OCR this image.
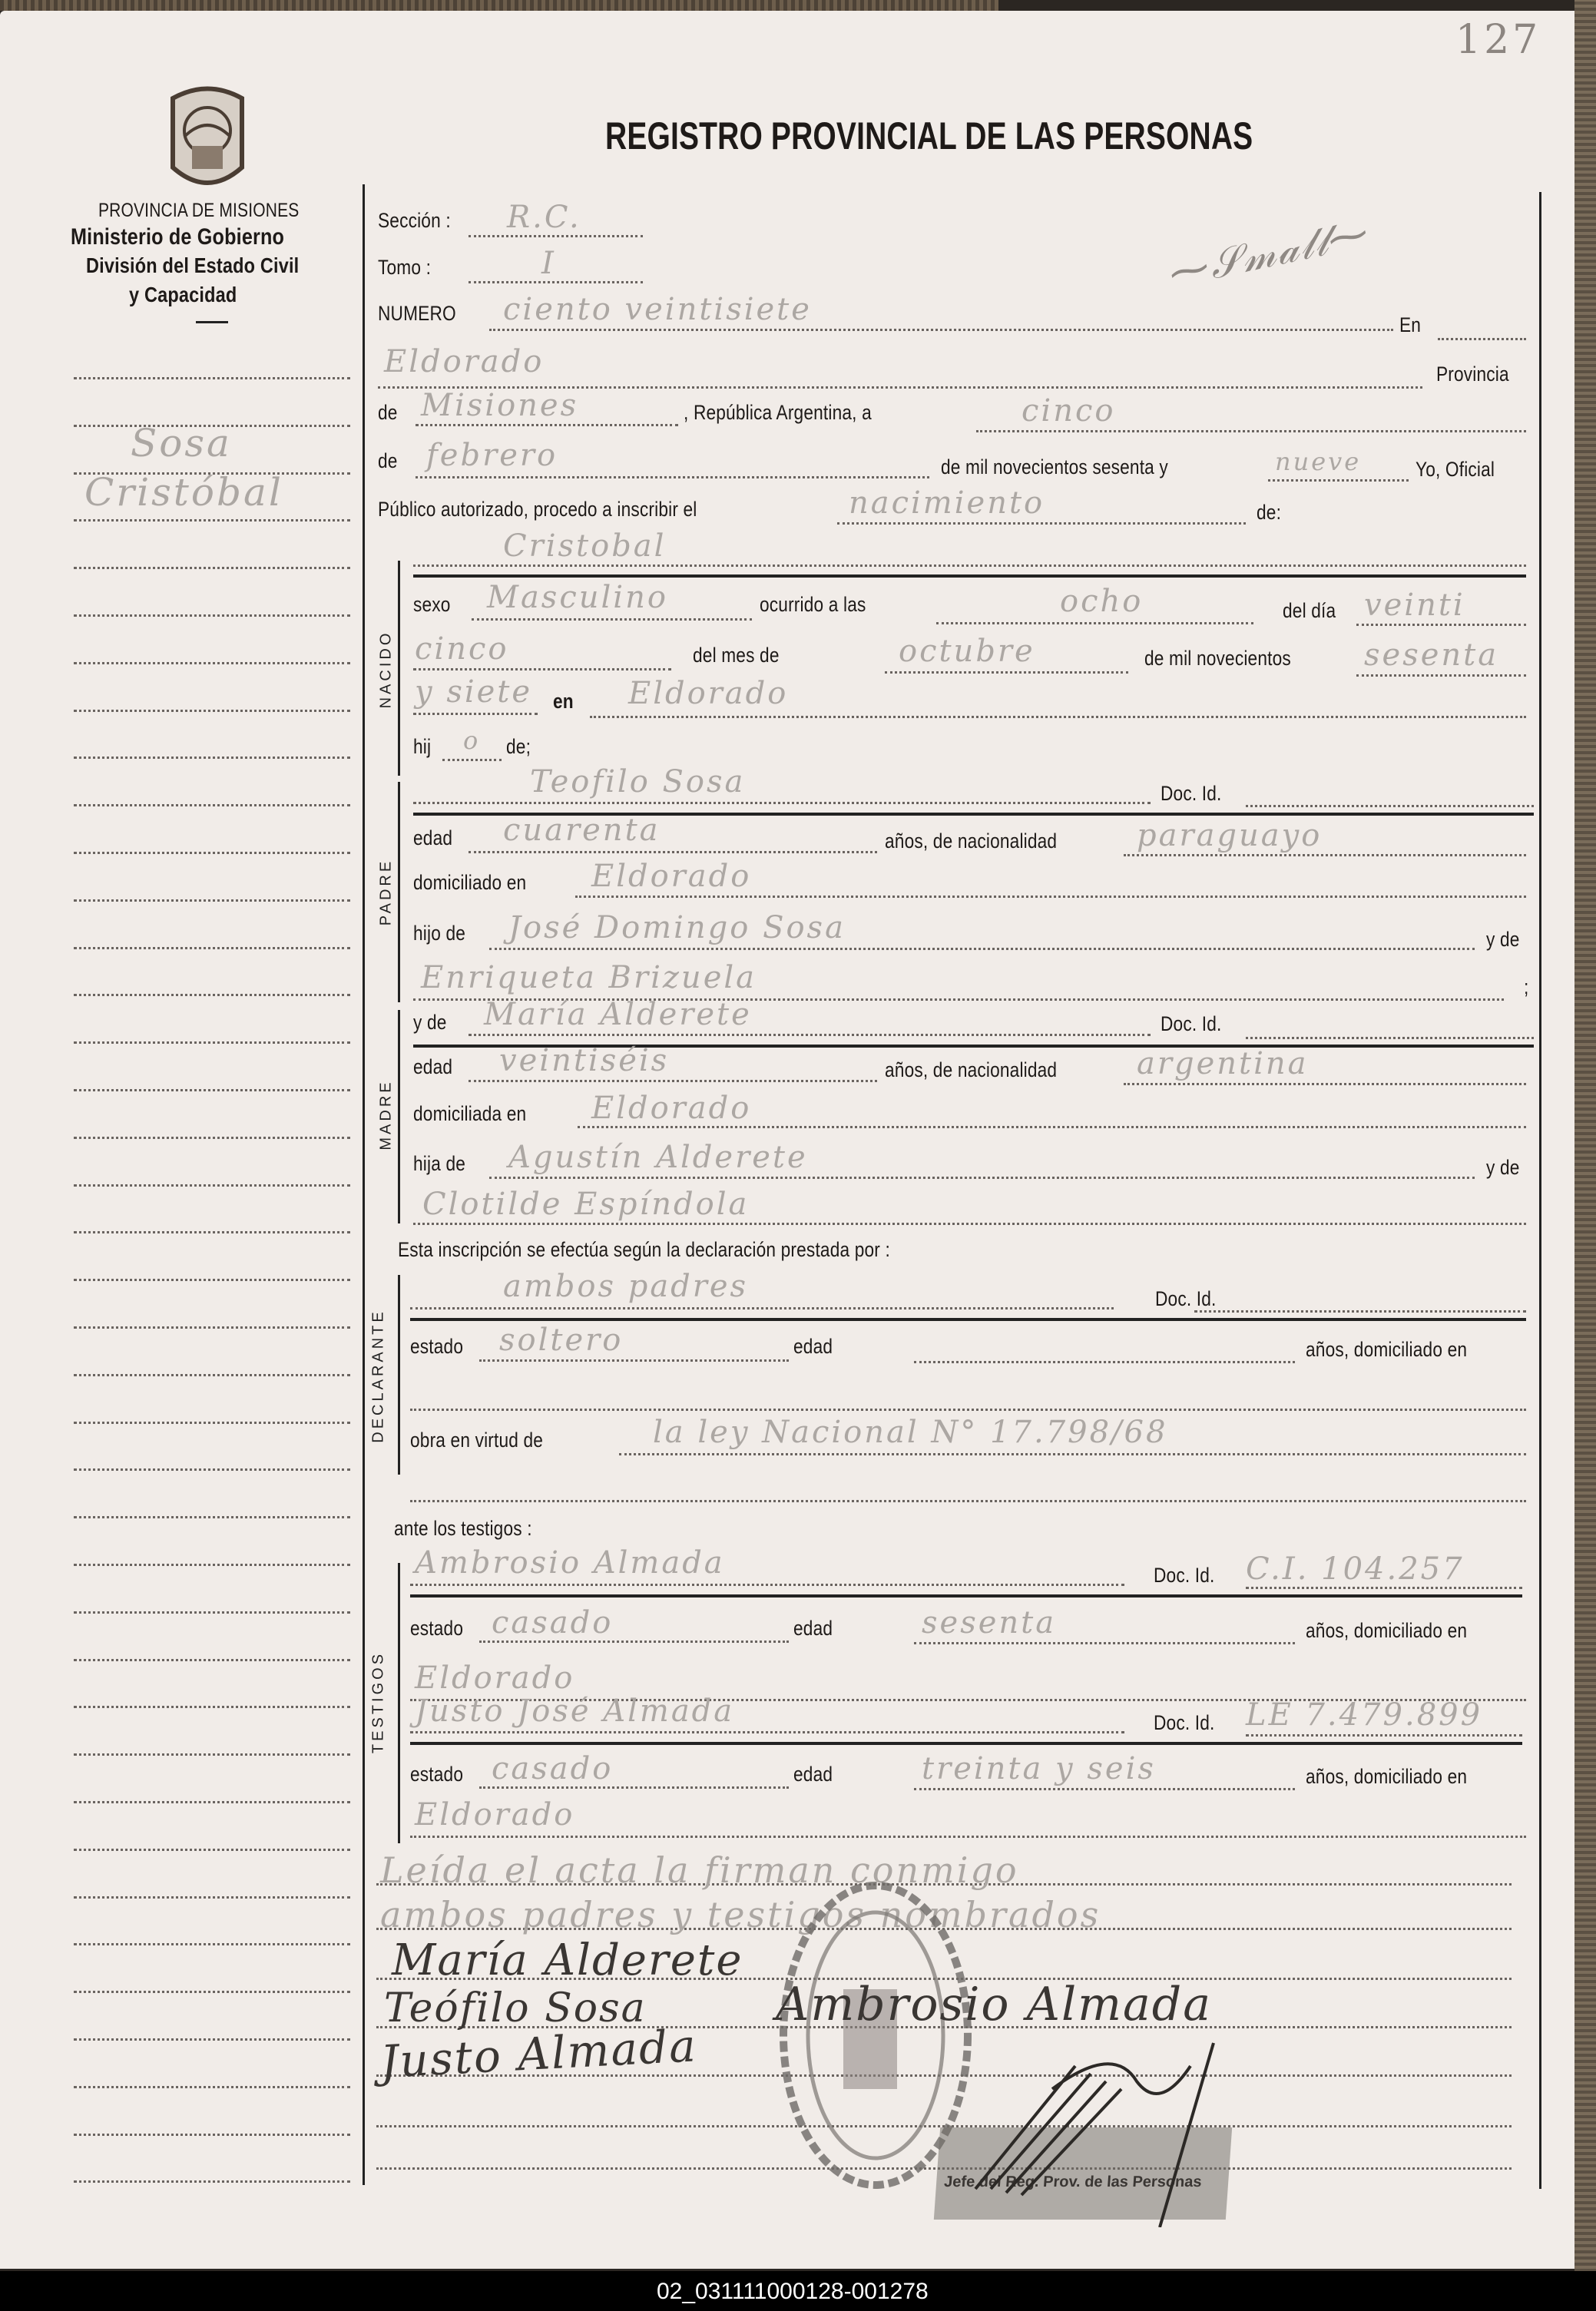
127
REGISTRO PROVINCIAL DE LAS PERSONAS
PROVINCIA DE MISIONES
Ministerio de Gobierno
División del Estado Civil
y Capacidad
Sosa
Cristóbal
⁓𝒮𝓂𝒶𝓁𝓁⁓
Sección : R.C.
Tomo :	I
NUMERO ciento veintisiete	En
Eldorado	Provincia
de Misiones	, República Argentina, a	cinco
de febrero	de mil novecientos sesenta y	nueve	Yo, Oficial
Público autorizado, procedo a inscribir el	nacimiento	de:
Cristobal
NACIDO
sexo Masculino	ocurrido a las	ocho	del día veinti
cinco	del mes de	octubre	de mil novecientos sesenta
y siete en Eldorado
hij o de;
PADRE
Teofilo Sosa	Doc. Id.
edad cuarenta	años, de nacionalidad	paraguayo
domiciliado en Eldorado
hijo de José Domingo Sosa	y de
Enriqueta Brizuela	;
MADRE
y de María Alderete	Doc. Id.
edad veintiséis	años, de nacionalidad	argentina
domiciliada en Eldorado
hija de Agustín Alderete	y de
Clotilde Espíndola
Esta inscripción se efectúa según la declaración prestada por :
DECLARANTE
ambos padres	Doc. Id.
estado soltero	edad	años, domiciliado en
obra en virtud de	la ley Nacional N° 17.798/68
ante los testigos :
TESTIGOS
Ambrosio Almada	Doc. Id. C.I. 104.257
estado casado	edad	sesenta	años, domiciliado en
Eldorado
Justo José Almada	Doc. Id. LE 7.479.899
estado casado	edad	treinta y seis	años, domiciliado en
Eldorado
Leída el acta la firman conmigo
ambos padres y testigos nombrados
Jefe del Reg. Prov. de las Personas
María Alderete
Teófilo Sosa	Ambrosio Almada
Justo Almada
02_031111000128-001278
